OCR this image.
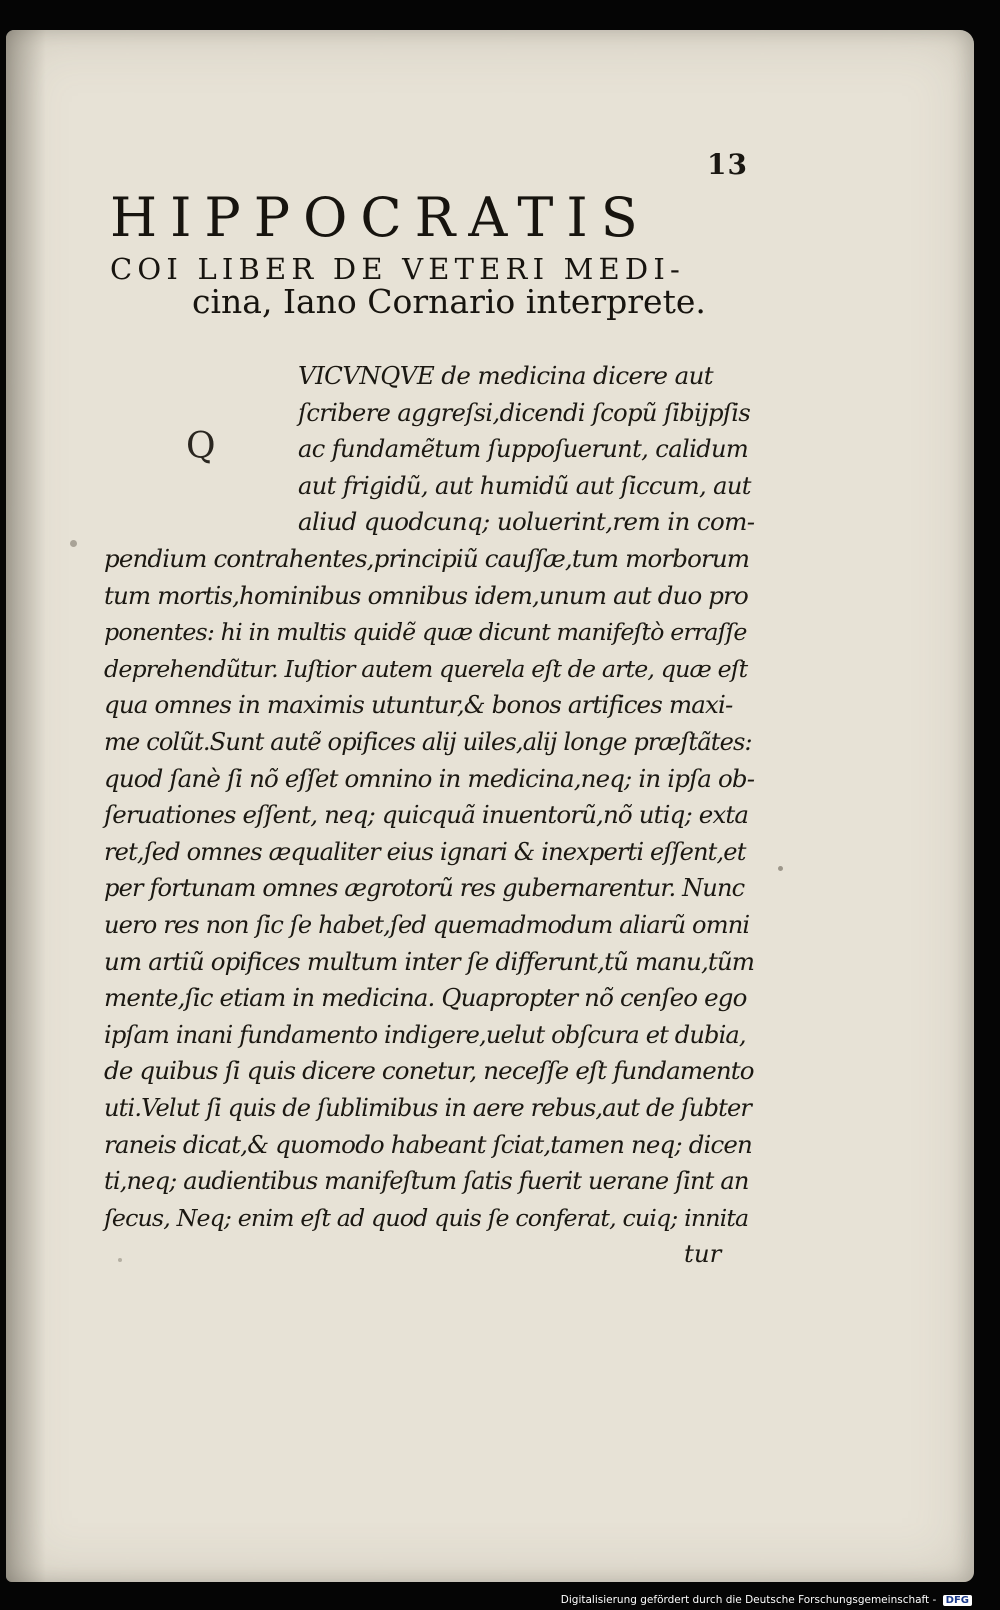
13
HIPPOCRATIS
COI LIBER DE VETERI MEDI-
cina, Iano Cornario interprete.
Q
VICVNQVE de medicina dicere aut
ſcribere aggreſsi,dicendi ſcopũ ſibijpſis
ac fundamẽtum ſuppoſuerunt, calidum
aut frigidũ, aut humidũ aut ſiccum, aut
aliud quodcunq; uoluerint,rem in com-
pendium contrahentes,principiũ cauſſæ,tum morborum
tum mortis,hominibus omnibus idem,unum aut duo pro
ponentes: hi in multis quidẽ quæ dicunt manifeſtò erraſſe
deprehendũtur. Iuſtior autem querela eſt de arte, quæ eſt
qua omnes in maximis utuntur,& bonos artifices maxi-
me colũt.Sunt autẽ opifices alij uiles,alij longe præſtãtes:
quod ſanè ſi nõ eſſet omnino in medicina,neq; in ipſa ob-
ſeruationes eſſent, neq; quicquã inuentorũ,nõ utiq; exta
ret,ſed omnes æqualiter eius ignari & inexperti eſſent,et
per fortunam omnes ægrotorũ res gubernarentur. Nunc
uero res non ſic ſe habet,ſed quemadmodum aliarũ omni
um artiũ opifices multum inter ſe differunt,tũ manu,tũm
mente,ſic etiam in medicina. Quapropter nõ cenſeo ego
ipſam inani fundamento indigere,uelut obſcura et dubia,
de quibus ſi quis dicere conetur, neceſſe eſt fundamento
uti.Velut ſi quis de ſublimibus in aere rebus,aut de ſubter
raneis dicat,& quomodo habeant ſciat,tamen neq; dicen
ti,neq; audientibus manifeſtum ſatis fuerit uerane ſint an
ſecus, Neq; enim eſt ad quod quis ſe conferat, cuiq; innita
tur
Digitalisierung gefördert durch die Deutsche Forschungsgemeinschaft - DFG
